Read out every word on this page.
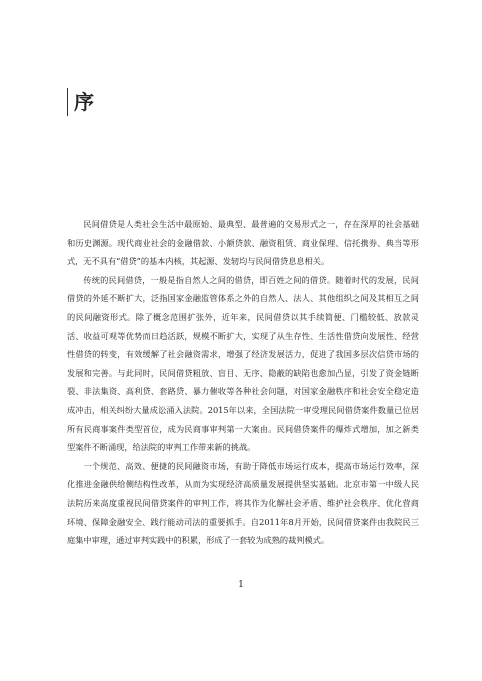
序

民间借贷是人类社会生活中最原始、最典型、最普遍的交易形式之一，存在深厚的社会基础和历史渊源。现代商业社会的金融借款、小额贷款、融资租赁、商业保理、信托携券、典当等形式，无不具有“借贷”的基本内核，其起源、发轫均与民间借贷息息相关。

传统的民间借贷，一般是指自然人之间的借贷，即百姓之间的借贷。随着时代的发展，民间借贷的外延不断扩大，泛指国家金融监管体系之外的自然人、法人、其他组织之间及其相互之间的民间融资形式。除了概念范围扩张外，近年来，民间借贷以其手续简便、门槛较低、放款灵活、收益可观等优势而日趋活跃，规模不断扩大，实现了从生存性、生活性借贷向发展性、经营性借贷的转变，有效缓解了社会融资需求，增强了经济发展活力，促进了我国多层次信贷市场的发展和完善。与此同时，民间借贷粗放、盲目、无序、隐蔽的缺陷也愈加凸显，引发了资金链断裂、非法集资、高利贷、套路贷、暴力催收等各种社会问题，对国家金融秩序和社会安全稳定造成冲击，相关纠纷大量成讼涌入法院。2015年以来，全国法院一审受理民间借贷案件数量已位居所有民商事案件类型首位，成为民商事审判第一大案由。民间借贷案件的爆炸式增加，加之新类型案件不断涌现，给法院的审判工作带来新的挑战。

一个规范、高效、便捷的民间融资市场，有助于降低市场运行成本，提高市场运行效率，深化推进金融供给侧结构性改革，从而为实现经济高质量发展提供坚实基础。北京市第一中级人民法院历来高度重视民间借贷案件的审判工作，将其作为化解社会矛盾、维护社会秩序、优化营商环境、保障金融安全、践行能动司法的重要抓手。自2011年8月开始，民间借贷案件由我院民三庭集中审理，通过审判实践中的积累，形成了一套较为成熟的裁判模式。

1
